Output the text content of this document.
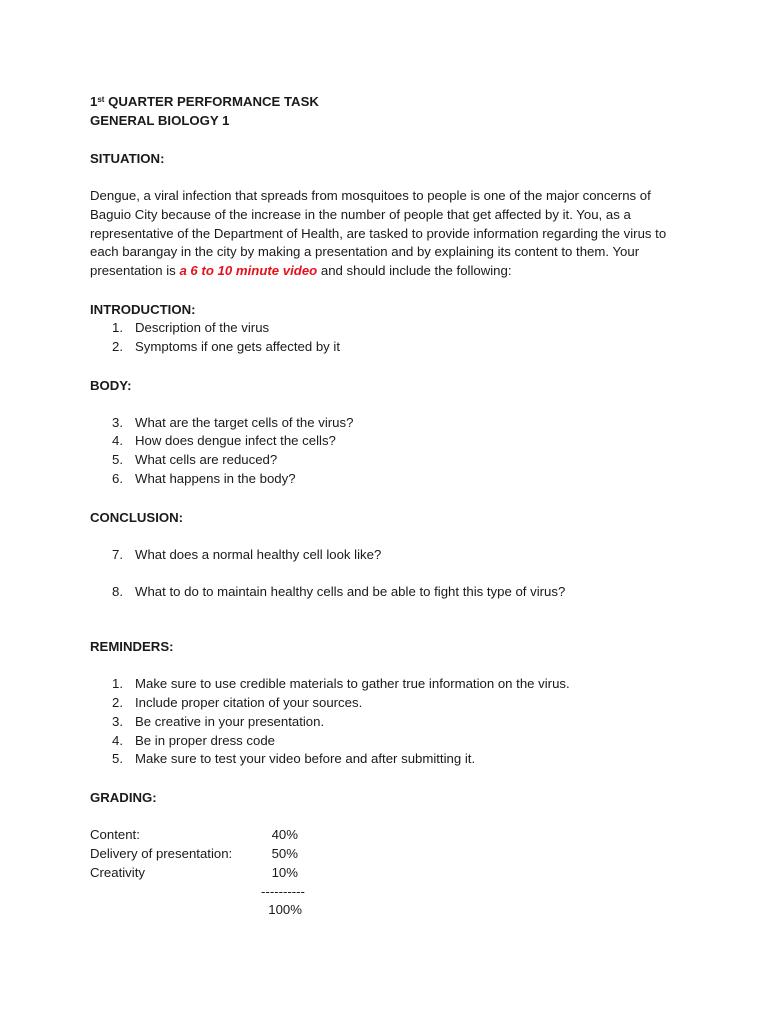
1st QUARTER PERFORMANCE TASK
GENERAL BIOLOGY 1
SITUATION:
Dengue, a viral infection that spreads from mosquitoes to people is one of the major concerns of Baguio City because of the increase in the number of people that get affected by it. You, as a representative of the Department of Health, are tasked to provide information regarding the virus to each barangay in the city by making a presentation and by explaining its content to them. Your presentation is a 6 to 10 minute video and should include the following:
INTRODUCTION:
1. Description of the virus
2. Symptoms if one gets affected by it
BODY:
3. What are the target cells of the virus?
4. How does dengue infect the cells?
5. What cells are reduced?
6. What happens in the body?
CONCLUSION:
7. What does a normal healthy cell look like?
8. What to do to maintain healthy cells and be able to fight this type of virus?
REMINDERS:
1. Make sure to use credible materials to gather true information on the virus.
2. Include proper citation of your sources.
3. Be creative in your presentation.
4. Be in proper dress code
5. Make sure to test your video before and after submitting it.
GRADING:
Content:	40%
Delivery of presentation:	50%
Creativity	10%
----------
100%
